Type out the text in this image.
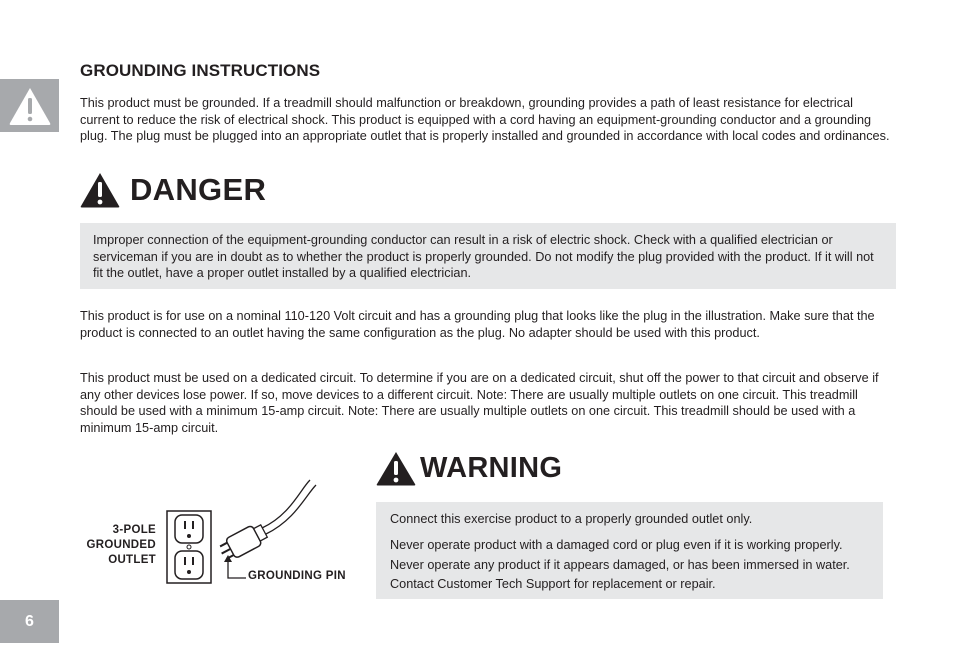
6
GROUNDING INSTRUCTIONS

This product must be grounded. If a treadmill should malfunction or breakdown, grounding provides a path of least resistance for electrical current to reduce the risk of electrical shock. This product is equipped with a cord having an equipment-grounding conductor and a grounding plug. The plug must be plugged into an appropriate outlet that is properly installed and grounded in accordance with local codes and ordinances.

DANGER

Improper connection of the equipment-grounding conductor can result in a risk of electric shock. Check with a qualified electrician or serviceman if you are in doubt as to whether the product is properly grounded. Do not modify the plug provided with the product. If it will not fit the outlet, have a proper outlet installed by a qualified electrician.

This product is for use on a nominal 110-120 Volt circuit and has a grounding plug that looks like the plug in the illustration. Make sure that the product is connected to an outlet having the same configuration as the plug. No adapter should be used with this product.

This product must be used on a dedicated circuit. To determine if you are on a dedicated circuit, shut off the power to that circuit and observe if any other devices lose power. If so, move devices to a different circuit. Note: There are usually multiple outlets on one circuit. This treadmill should be used with a minimum 15-amp circuit. Note: There are usually multiple outlets on one circuit. This treadmill should be used with a minimum 15-amp circuit.

3-POLE
GROUNDED
OUTLET
GROUNDING PIN
WARNING

Connect this exercise product to a properly grounded outlet only.

Never operate product with a damaged cord or plug even if it is working properly. Never operate any product if it appears damaged, or has been immersed in water. Contact Customer Tech Support for replacement or repair.
